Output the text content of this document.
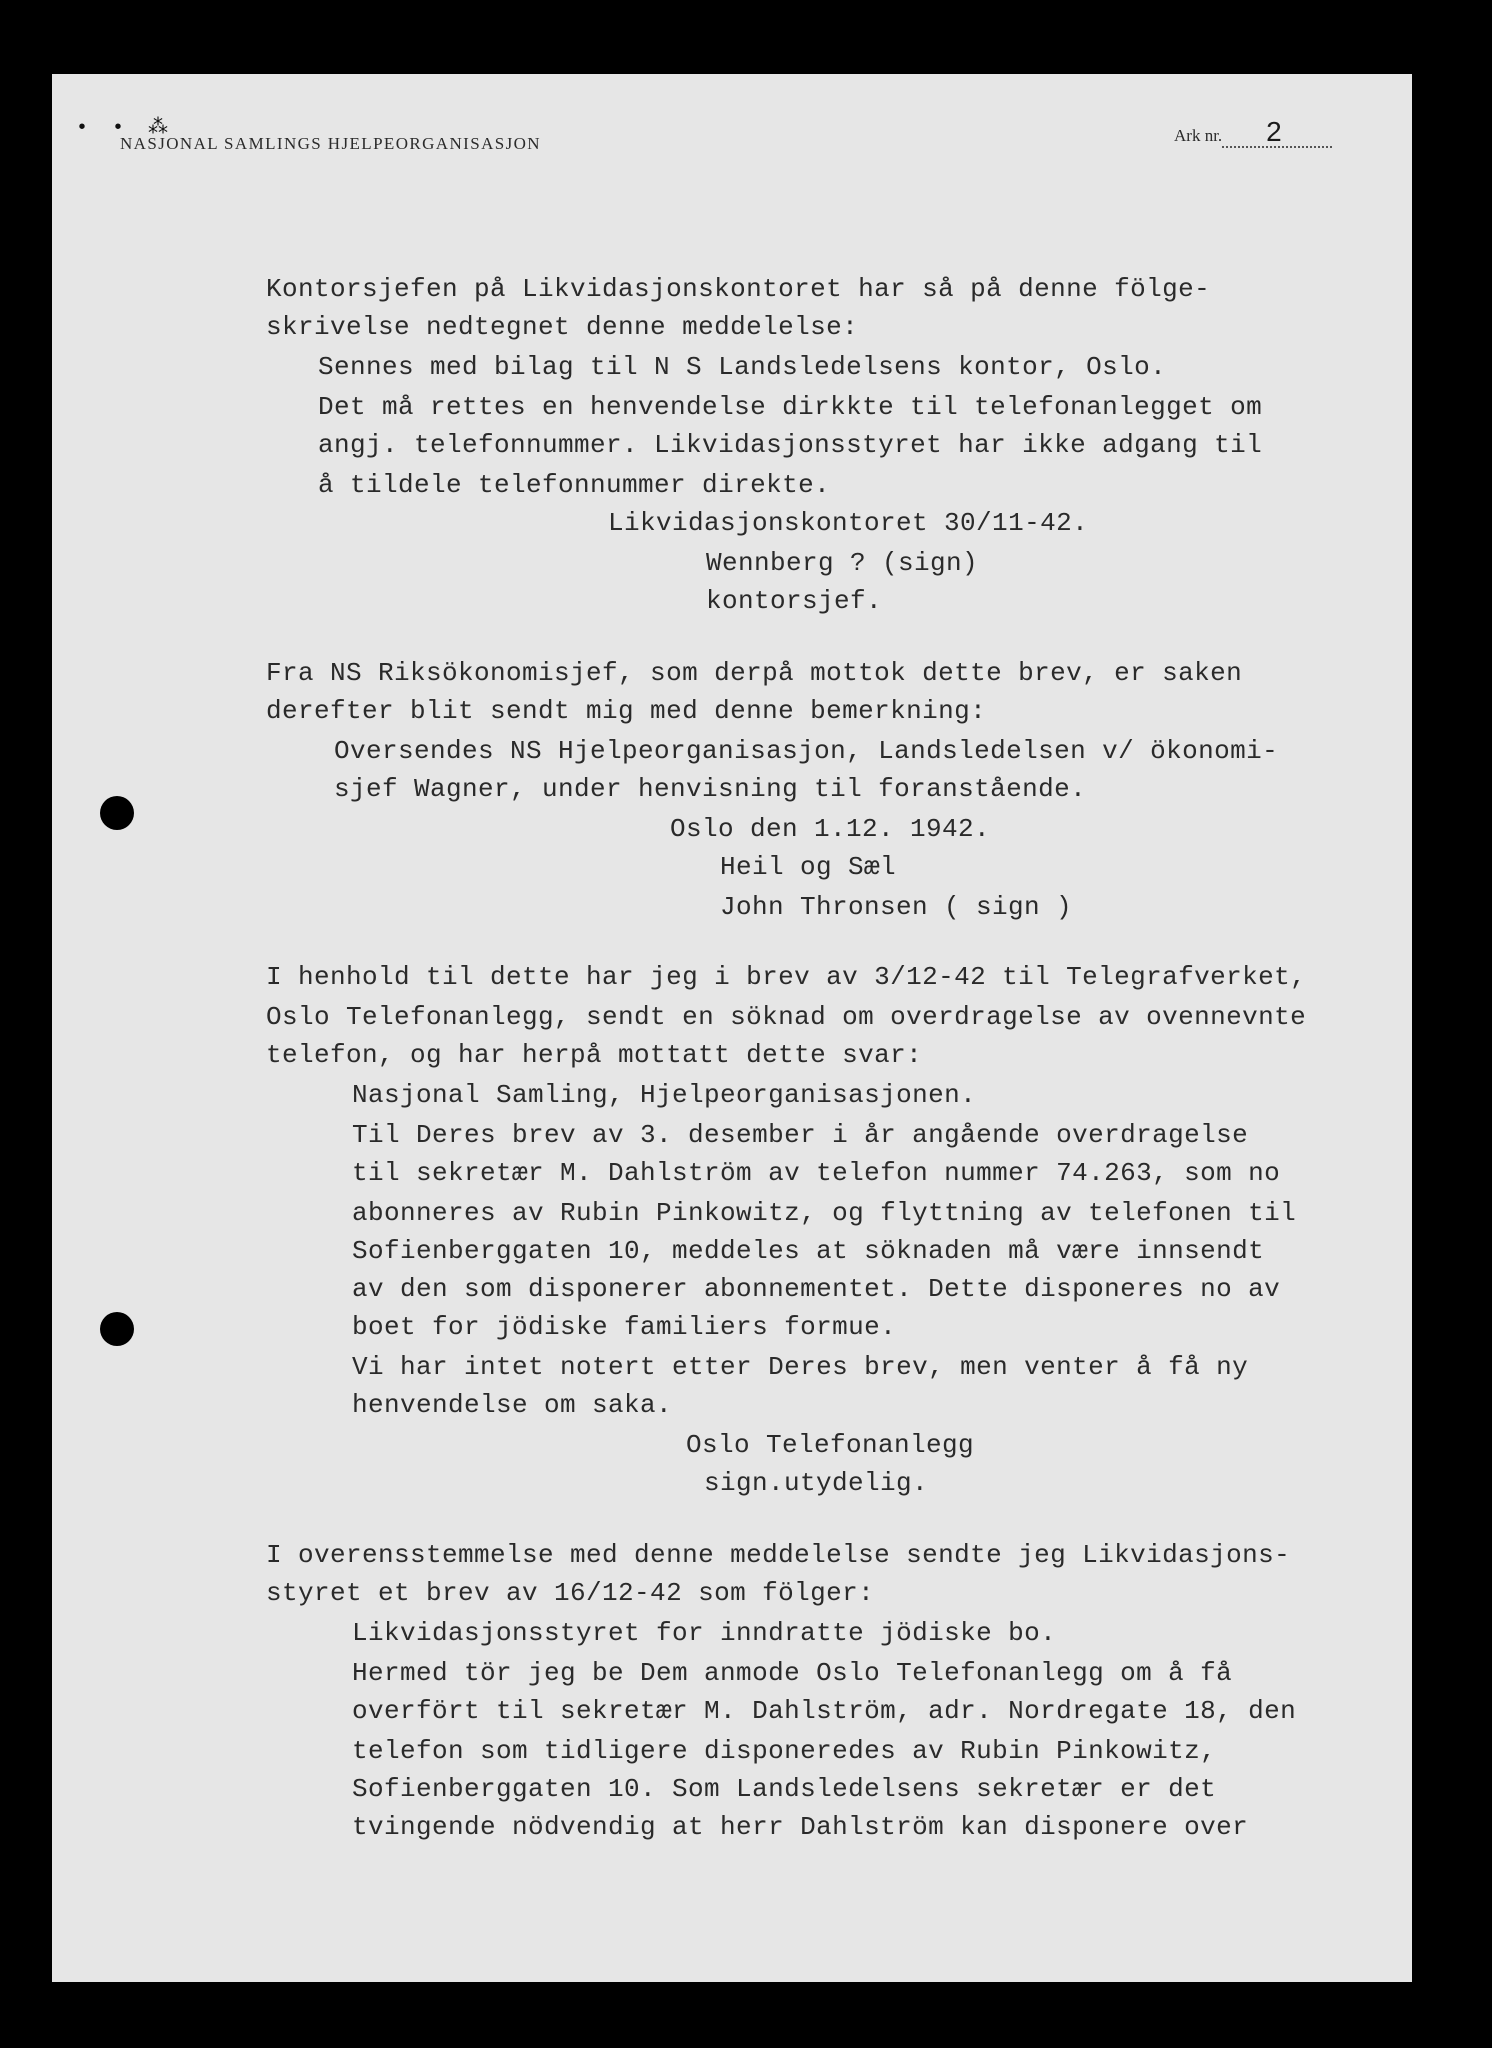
• • ⁂
NASJONAL SAMLINGS HJELPEORGANISASJON	Ark nr. 2

Kontorsjefen på Likvidasjonskontoret har så på denne fölge-
skrivelse nedtegnet denne meddelelse:
Sennes med bilag til N S Landsledelsens kontor, Oslo.
Det må rettes en henvendelse dirkkte til telefonanlegget om
angj. telefonnummer. Likvidasjonsstyret har ikke adgang til
å tildele telefonnummer direkte.
Likvidasjonskontoret 30/11-42.
Wennberg ? (sign)
kontorsjef.
Fra NS Riksökonomisjef, som derpå mottok dette brev, er saken
derefter blit sendt mig med denne bemerkning:
Oversendes NS Hjelpeorganisasjon, Landsledelsen v/ ökonomi-
sjef Wagner, under henvisning til foranstående.
Oslo den 1.12. 1942.
Heil og Sæl
John Thronsen ( sign )
I henhold til dette har jeg i brev av 3/12-42 til Telegrafverket,
Oslo Telefonanlegg, sendt en söknad om overdragelse av ovennevnte
telefon, og har herpå mottatt dette svar:
Nasjonal Samling, Hjelpeorganisasjonen.
Til Deres brev av 3. desember i år angående overdragelse
til sekretær M. Dahlström av telefon nummer 74.263, som no
abonneres av Rubin Pinkowitz, og flyttning av telefonen til
Sofienberggaten 10, meddeles at söknaden må være innsendt
av den som disponerer abonnementet. Dette disponeres no av
boet for jödiske familiers formue.
Vi har intet notert etter Deres brev, men venter å få ny
henvendelse om saka.
Oslo Telefonanlegg
sign.utydelig.
I overensstemmelse med denne meddelelse sendte jeg Likvidasjons-
styret et brev av 16/12-42 som fölger:
Likvidasjonsstyret for inndratte jödiske bo.
Hermed tör jeg be Dem anmode Oslo Telefonanlegg om å få
overfört til sekretær M. Dahlström, adr. Nordregate 18, den
telefon som tidligere disponeredes av Rubin Pinkowitz,
Sofienberggaten 10. Som Landsledelsens sekretær er det
tvingende nödvendig at herr Dahlström kan disponere over
